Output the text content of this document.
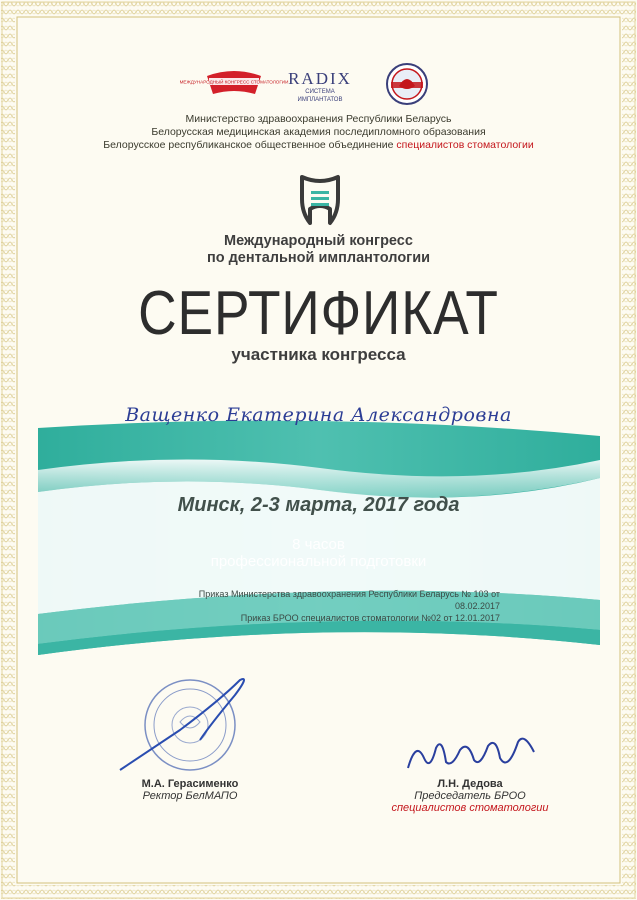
МЕЖДУНАРОДНЫЙ КОНГРЕСС СТОМАТОЛОГИИ RADIX
СИСТЕМА ИМПЛАНТАТОВ
Министерство здравоохранения Республики Беларусь
Белорусская медицинская академия последипломного образования
Белорусское республиканское общественное объединение специалистов стоматологии
Международный конгресс
по дентальной имплантологии
СЕРТИФИКАТ
участника конгресса
Ващенко Екатерина Александровна
Минск, 2-3 марта, 2017 года
8 часов
профессиональной подготовки
Приказ Министерства здравоохранения Республики Беларусь № 103 от 08.02.2017
Приказ БРОО специалистов стоматологии №02 от 12.01.2017
М.А. Герасименко
Ректор БелМАПО
Л.Н. Дедова
Председатель БРОО
специалистов стоматологии
